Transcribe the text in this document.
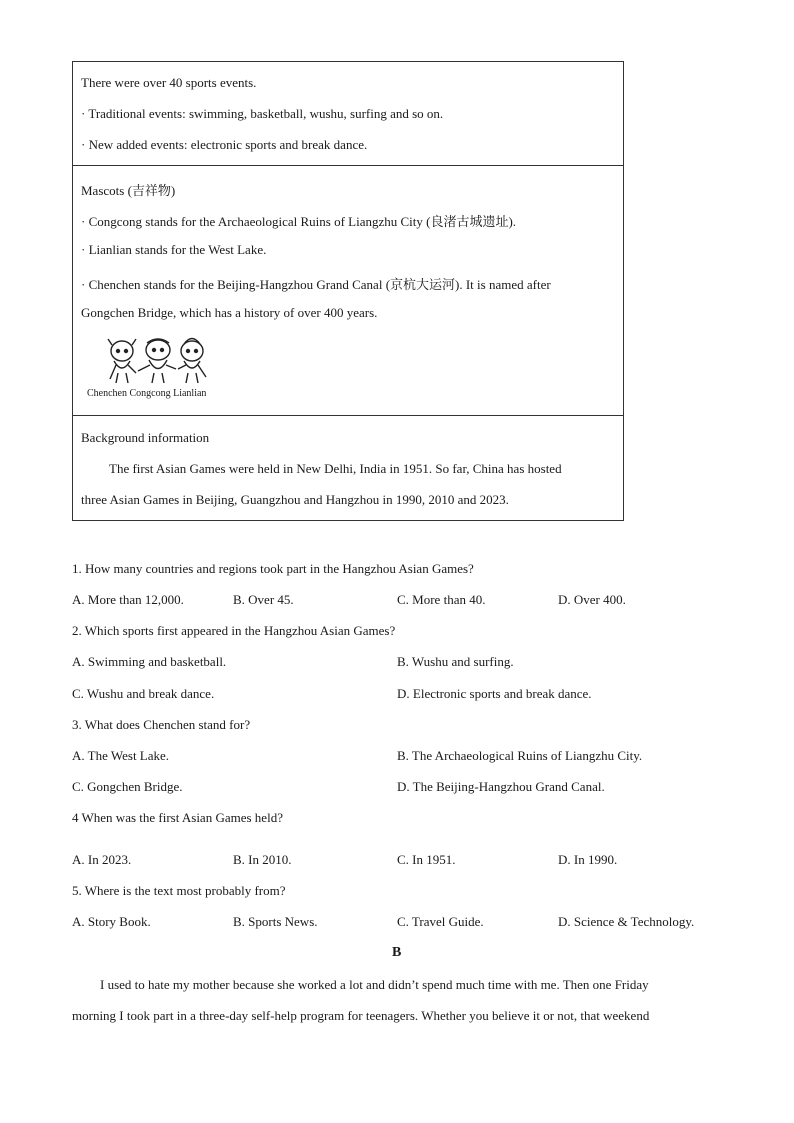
There were over 40 sports events.
· Traditional events: swimming, basketball, wushu, surfing and so on.
· New added events: electronic sports and break dance.
Mascots (吉祥物)
· Congcong stands for the Archaeological Ruins of Liangzhu City (良渚古城遗址).
· Lianlian stands for the West Lake.
· Chenchen stands for the Beijing-Hangzhou Grand Canal (京杭大运河). It is named after
Gongchen Bridge, which has a history of over 400 years.
Chenchen Congcong Lianlian
Background information
The first Asian Games were held in New Delhi, India in 1951. So far, China has hosted
three Asian Games in Beijing, Guangzhou and Hangzhou in 1990, 2010 and 2023.
1. How many countries and regions took part in the Hangzhou Asian Games?
A. More than 12,000.	B. Over 45.	C. More than 40.	D. Over 400.
2. Which sports first appeared in the Hangzhou Asian Games?
A. Swimming and basketball.	B. Wushu and surfing.
C. Wushu and break dance.	D. Electronic sports and break dance.
3. What does Chenchen stand for?
A. The West Lake.	B. The Archaeological Ruins of Liangzhu City.
C. Gongchen Bridge.	D. The Beijing-Hangzhou Grand Canal.
4 When was the first Asian Games held?
A. In 2023.	B. In 2010.	C. In 1951.	D. In 1990.
5. Where is the text most probably from?
A. Story Book.	B. Sports News.	C. Travel Guide.	D. Science & Technology.
B
I used to hate my mother because she worked a lot and didn’t spend much time with me. Then one Friday
morning I took part in a three-day self-help program for teenagers. Whether you believe it or not, that weekend
